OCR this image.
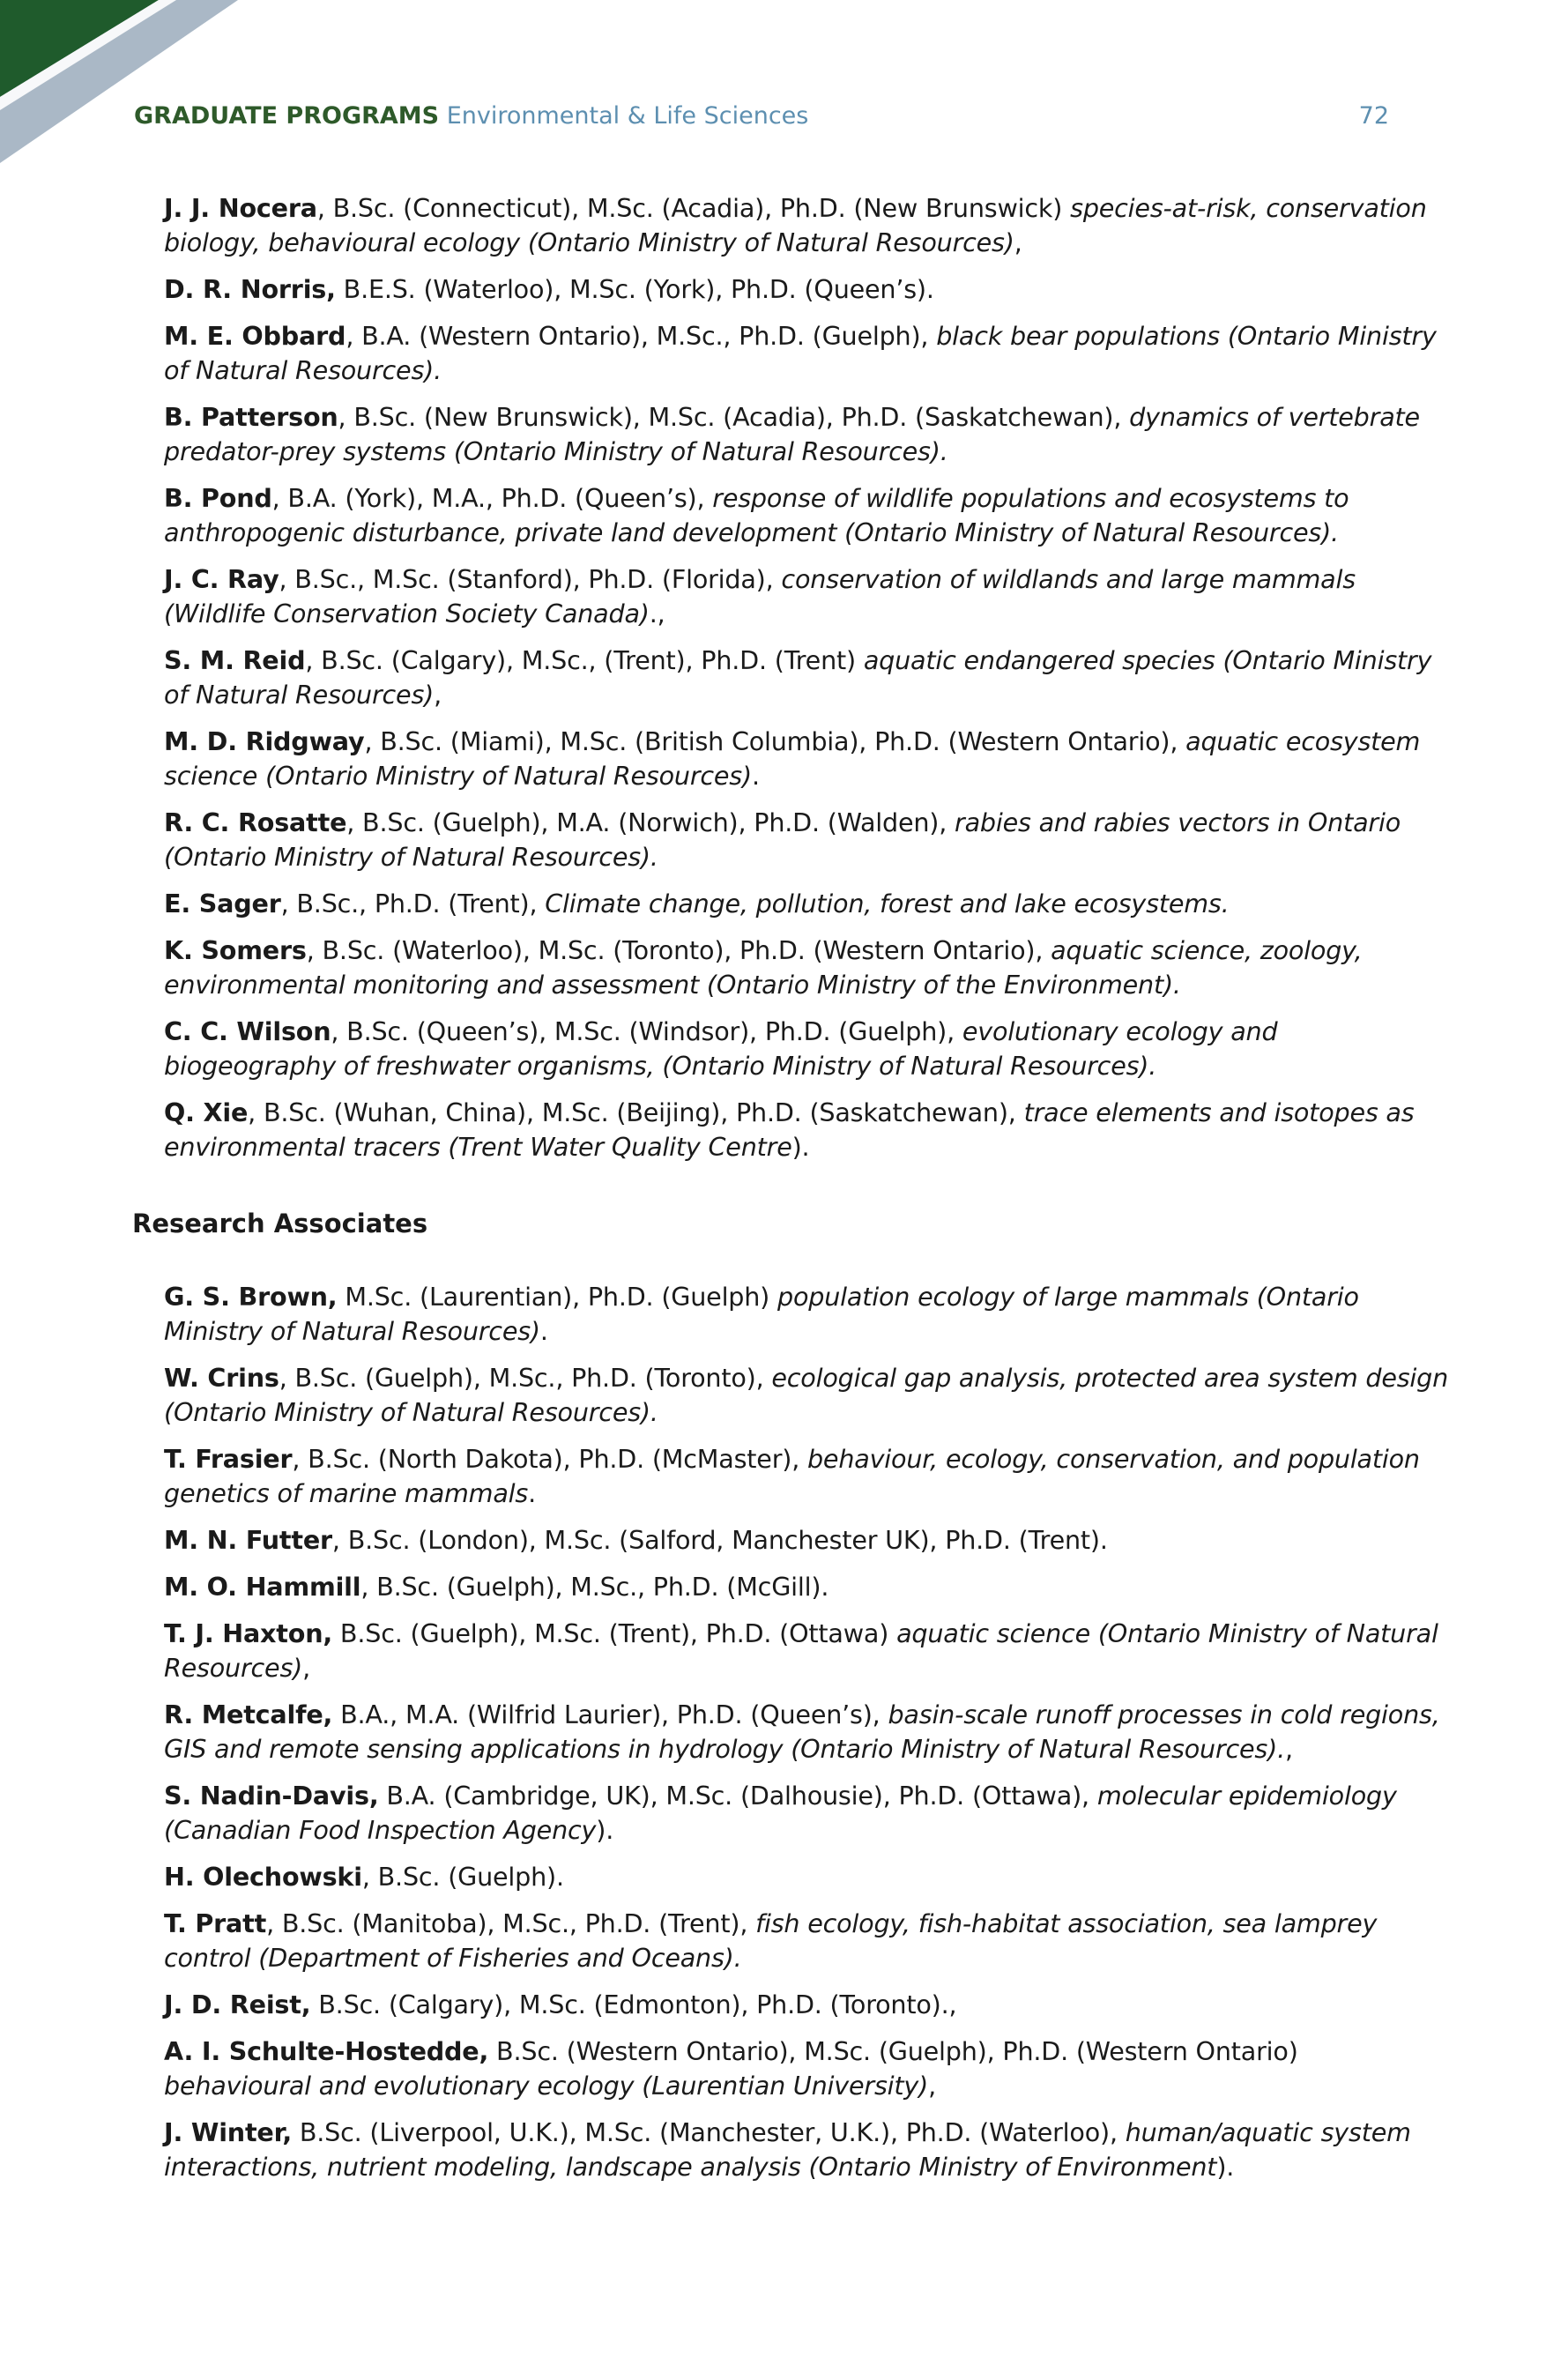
GRADUATE PROGRAMS Environmental & Life Sciences	72

J. J. Nocera, B.Sc. (Connecticut), M.Sc. (Acadia), Ph.D. (New Brunswick) species-at-risk, conservation biology, behavioural ecology (Ontario Ministry of Natural Resources),

D. R. Norris, B.E.S. (Waterloo), M.Sc. (York), Ph.D. (Queen’s).

M. E. Obbard, B.A. (Western Ontario), M.Sc., Ph.D. (Guelph), black bear populations (Ontario Ministry of Natural Resources).

B. Patterson, B.Sc. (New Brunswick), M.Sc. (Acadia), Ph.D. (Saskatchewan), dynamics of vertebrate predator-prey systems (Ontario Ministry of Natural Resources).

B. Pond, B.A. (York), M.A., Ph.D. (Queen’s), response of wildlife populations and ecosystems to anthropogenic disturbance, private land development (Ontario Ministry of Natural Resources).

J. C. Ray, B.Sc., M.Sc. (Stanford), Ph.D. (Florida), conservation of wildlands and large mammals (Wildlife Conservation Society Canada).,

S. M. Reid, B.Sc. (Calgary), M.Sc., (Trent), Ph.D. (Trent) aquatic endangered species (Ontario Ministry of Natural Resources),

M. D. Ridgway, B.Sc. (Miami), M.Sc. (British Columbia), Ph.D. (Western Ontario), aquatic ecosystem science (Ontario Ministry of Natural Resources).

R. C. Rosatte, B.Sc. (Guelph), M.A. (Norwich), Ph.D. (Walden), rabies and rabies vectors in Ontario (Ontario Ministry of Natural Resources).

E. Sager, B.Sc., Ph.D. (Trent), Climate change, pollution, forest and lake ecosystems.

K. Somers, B.Sc. (Waterloo), M.Sc. (Toronto), Ph.D. (Western Ontario), aquatic science, zoology, environmental monitoring and assessment (Ontario Ministry of the Environment).

C. C. Wilson, B.Sc. (Queen’s), M.Sc. (Windsor), Ph.D. (Guelph), evolutionary ecology and biogeography of freshwater organisms, (Ontario Ministry of Natural Resources).

Q. Xie, B.Sc. (Wuhan, China), M.Sc. (Beijing), Ph.D. (Saskatchewan), trace elements and isotopes as environmental tracers (Trent Water Quality Centre).

Research Associates

G. S. Brown, M.Sc. (Laurentian), Ph.D. (Guelph) population ecology of large mammals (Ontario Ministry of Natural Resources).

W. Crins, B.Sc. (Guelph), M.Sc., Ph.D. (Toronto), ecological gap analysis, protected area system design (Ontario Ministry of Natural Resources).

T. Frasier, B.Sc. (North Dakota), Ph.D. (McMaster), behaviour, ecology, conservation, and population genetics of marine mammals.

M. N. Futter, B.Sc. (London), M.Sc. (Salford, Manchester UK), Ph.D. (Trent).

M. O. Hammill, B.Sc. (Guelph), M.Sc., Ph.D. (McGill).

T. J. Haxton, B.Sc. (Guelph), M.Sc. (Trent), Ph.D. (Ottawa) aquatic science (Ontario Ministry of Natural Resources),

R. Metcalfe, B.A., M.A. (Wilfrid Laurier), Ph.D. (Queen’s), basin-scale runoff processes in cold regions, GIS and remote sensing applications in hydrology (Ontario Ministry of Natural Resources).,

S. Nadin-Davis, B.A. (Cambridge, UK), M.Sc. (Dalhousie), Ph.D. (Ottawa), molecular epidemiology (Canadian Food Inspection Agency).

H. Olechowski, B.Sc. (Guelph).

T. Pratt, B.Sc. (Manitoba), M.Sc., Ph.D. (Trent), fish ecology, fish-habitat association, sea lamprey control (Department of Fisheries and Oceans).

J. D. Reist, B.Sc. (Calgary), M.Sc. (Edmonton), Ph.D. (Toronto).,

A. I. Schulte-Hostedde, B.Sc. (Western Ontario), M.Sc. (Guelph), Ph.D. (Western Ontario) behavioural and evolutionary ecology (Laurentian University),

J. Winter, B.Sc. (Liverpool, U.K.), M.Sc. (Manchester, U.K.), Ph.D. (Waterloo), human/aquatic system interactions, nutrient modeling, landscape analysis (Ontario Ministry of Environment).
